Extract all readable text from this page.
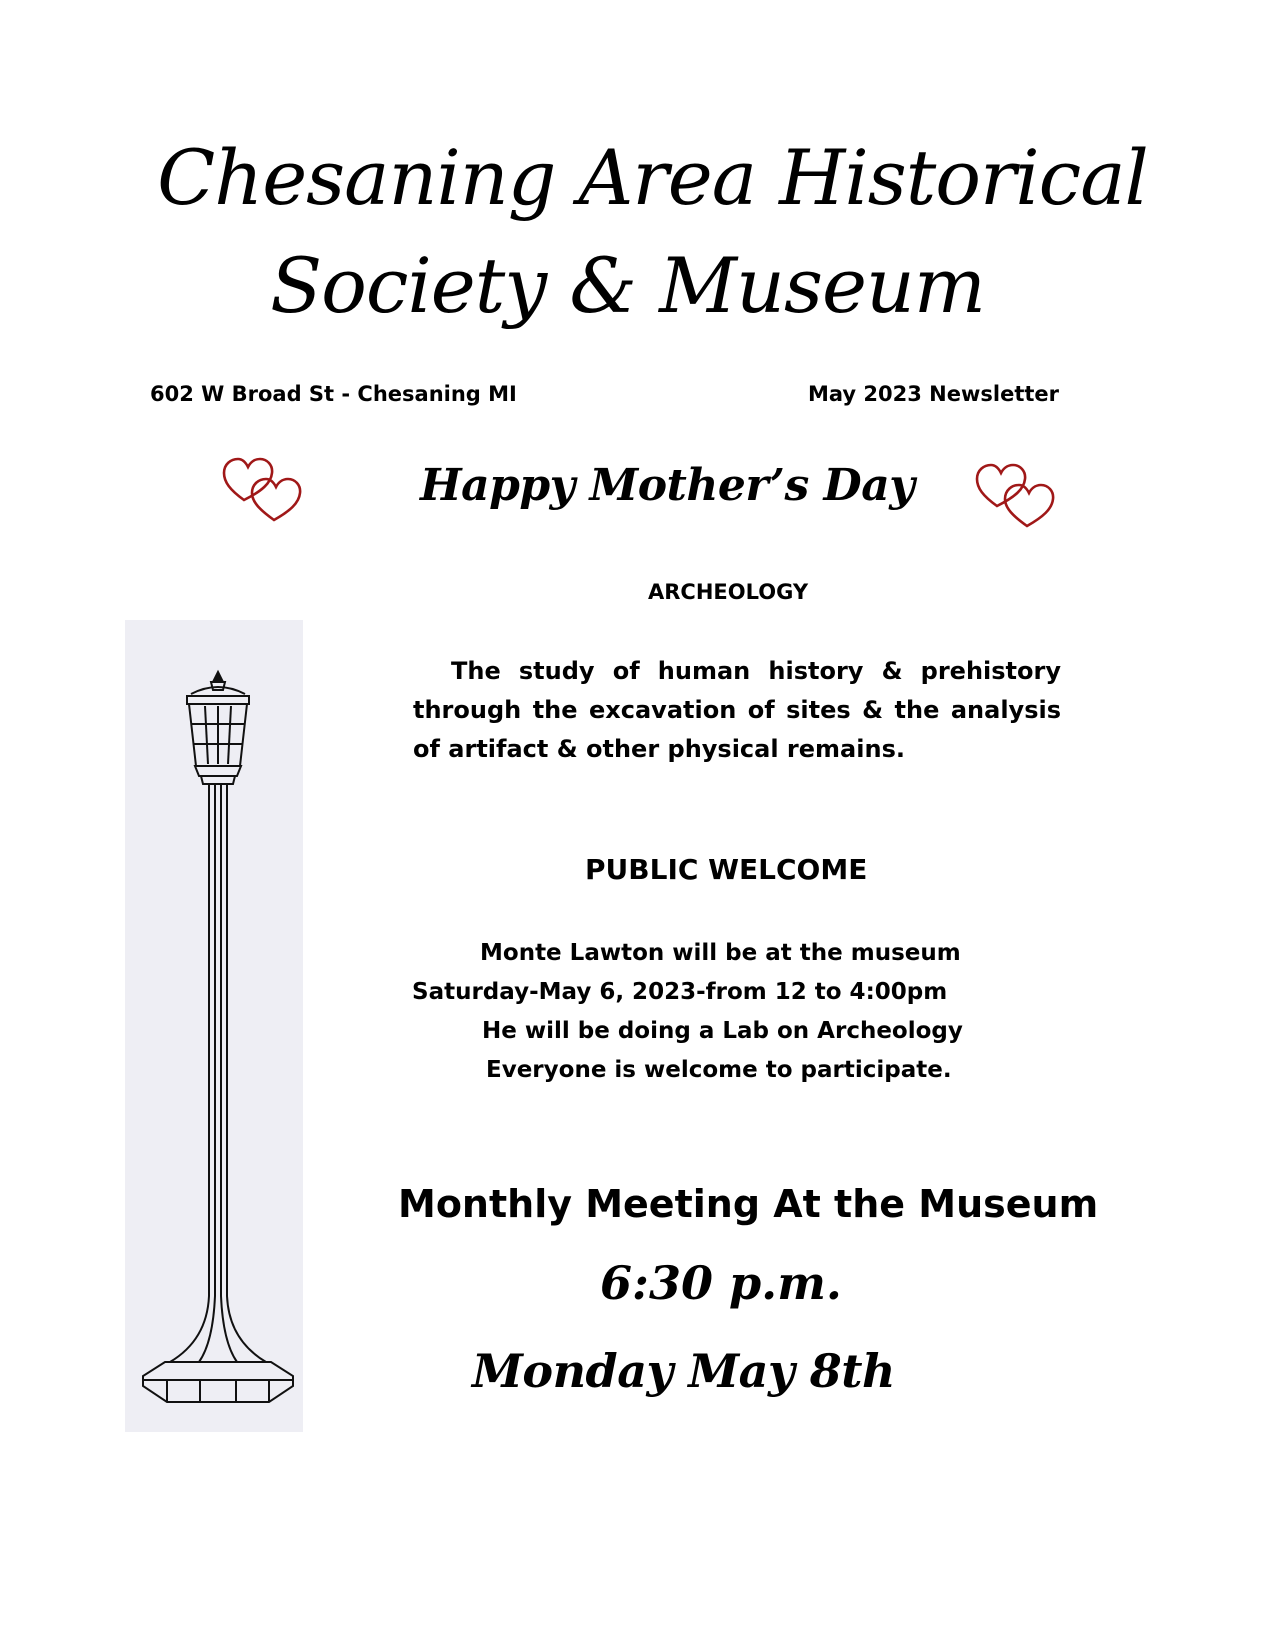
Chesaning Area Historical
Society & Museum
602 W Broad St - Chesaning MI	May 2023 Newsletter
Happy Mother’s Day
ARCHEOLOGY
The study of human history & prehistory through the excavation of sites & the analysis of artifact & other physical remains.
PUBLIC WELCOME
Monte Lawton will be at the museum
Saturday-May 6, 2023-from 12 to 4:00pm
He will be doing a Lab on Archeology
Everyone is welcome to participate.
Monthly Meeting At the Museum
6:30 p.m.
Monday May 8th
